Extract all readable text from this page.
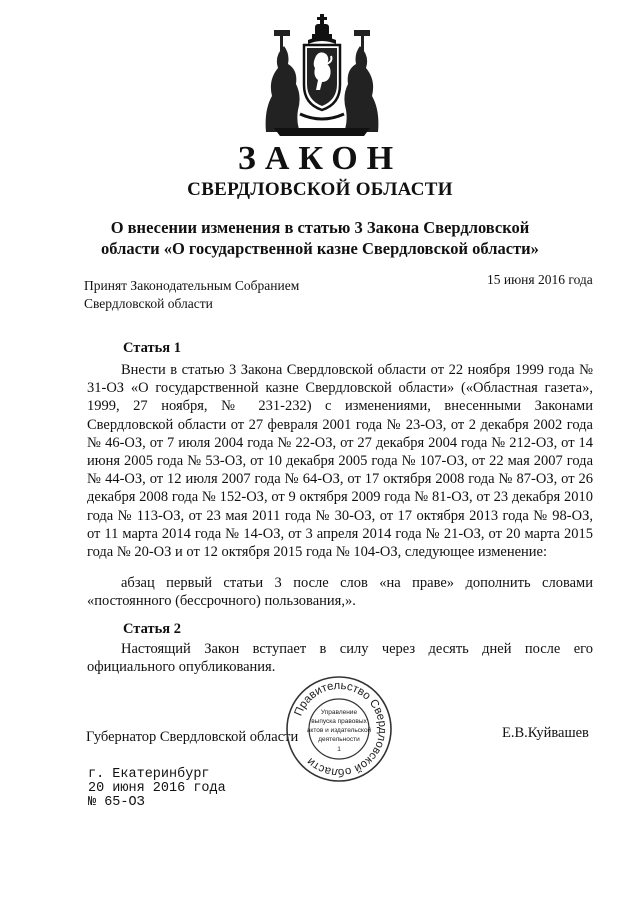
ЗАКОН
СВЕРДЛОВСКОЙ ОБЛАСТИ
О внесении изменения в статью 3 Закона Свердловской
области «О государственной казне Свердловской области»
Принят Законодательным Собранием
Свердловской области
15 июня 2016 года
Статья 1

Внести в статью 3 Закона Свердловской области от 22 ноября 1999 года № 31-ОЗ «О государственной казне Свердловской области» («Областная газета», 1999, 27 ноября, № 231-232) с изменениями, внесенными Законами Свердловской области от 27 февраля 2001 года № 23-ОЗ, от 2 декабря 2002 года № 46-ОЗ, от 7 июля 2004 года № 22-ОЗ, от 27 декабря 2004 года № 212-ОЗ, от 14 июня 2005 года № 53-ОЗ, от 10 декабря 2005 года № 107-ОЗ, от 22 мая 2007 года № 44-ОЗ, от 12 июля 2007 года № 64-ОЗ, от 17 октября 2008 года № 87-ОЗ, от 26 декабря 2008 года № 152-ОЗ, от 9 октября 2009 года № 81-ОЗ, от 23 декабря 2010 года № 113-ОЗ, от 23 мая 2011 года № 30-ОЗ, от 17 октября 2013 года № 98-ОЗ, от 11 марта 2014 года № 14-ОЗ, от 3 апреля 2014 года № 21-ОЗ, от 20 марта 2015 года № 20-ОЗ и от 12 октября 2015 года № 104-ОЗ, следующее изменение:

абзац первый статьи 3 после слов «на праве» дополнить словами «постоянного (бессрочного) пользования,».

Статья 2

Настоящий Закон вступает в силу через десять дней после его официального опубликования.

Губернатор Свердловской области	Е.В.Куйвашев
г. Екатеринбург
20 июня 2016 года
№ 65-ОЗ
Правительство Свердловской области
Управление
выпуска правовых
актов и издательской
деятельности
1
